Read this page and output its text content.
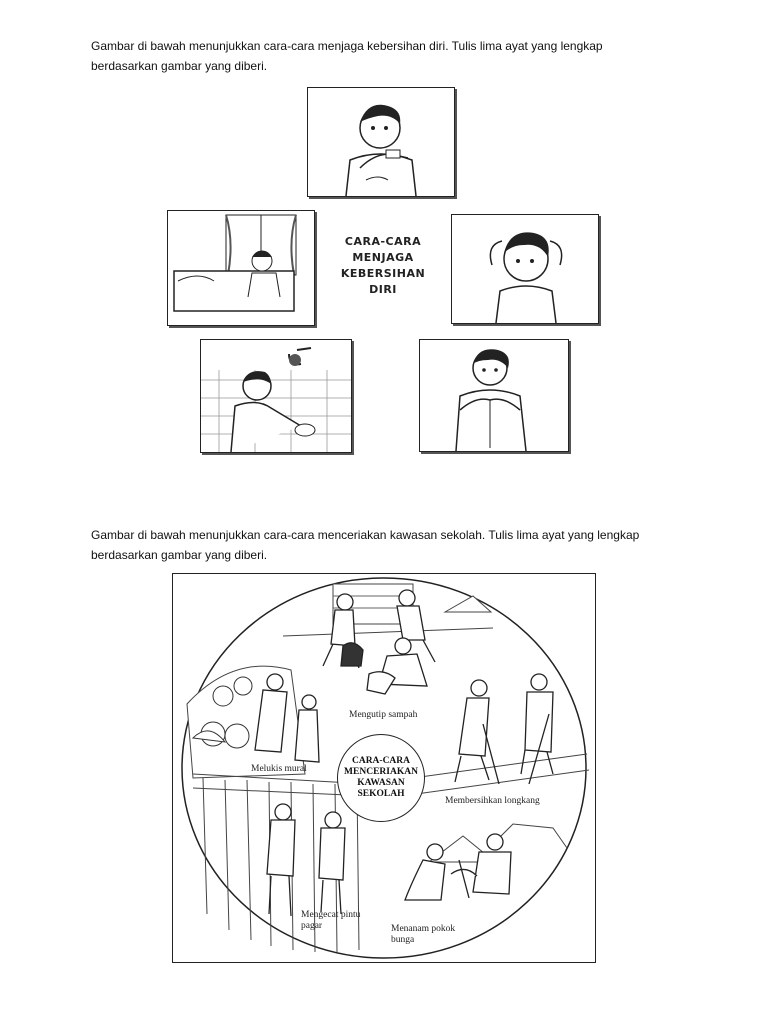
Gambar di bawah menunjukkan cara-cara menjaga kebersihan diri. Tulis lima ayat yang lengkap
berdasarkan gambar yang diberi.
CARA-CARA
MENJAGA
KEBERSIHAN
DIRI
Gambar di bawah menunjukkan cara-cara menceriakan kawasan sekolah. Tulis lima ayat yang lengkap
berdasarkan gambar yang diberi.
Mengutip sampah
Melukis mural
Membersihkan longkang
Mengecat pintu
pagar	Menanam pokok
bunga
CARA-CARA
MENCERIAKAN
KAWASAN
SEKOLAH
